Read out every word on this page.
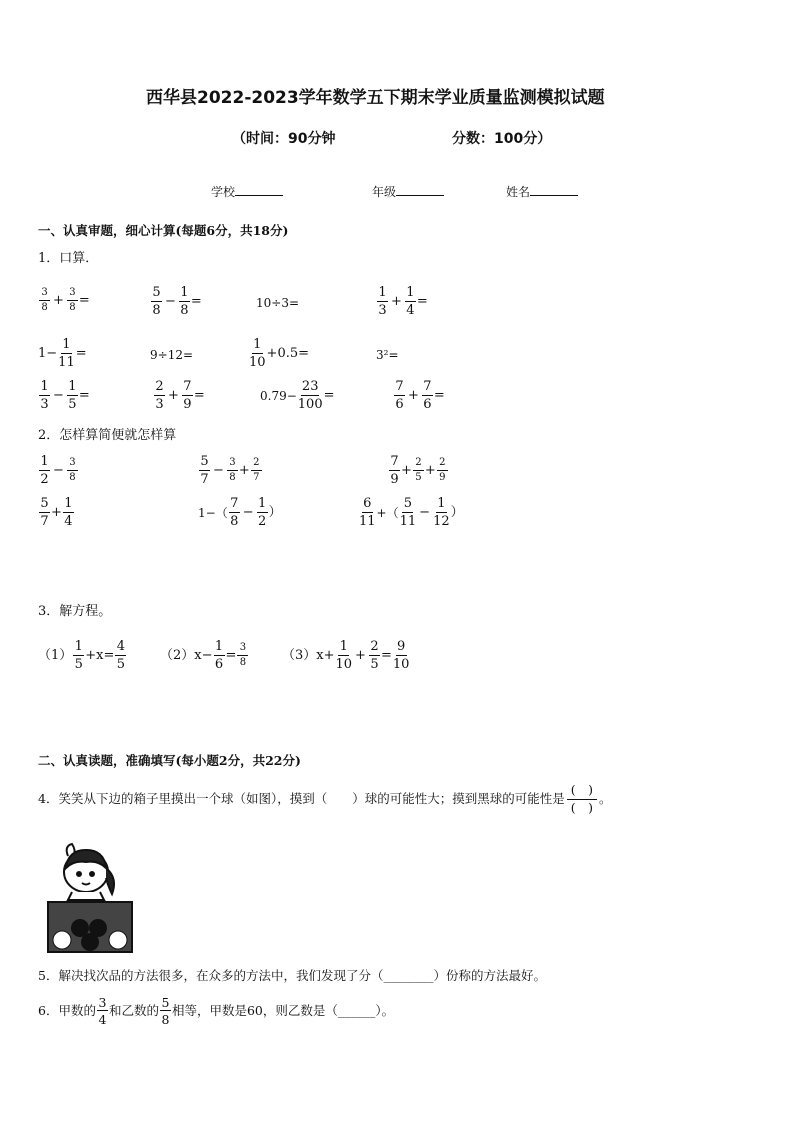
西华县2022-2023学年数学五下期末学业质量监测模拟试题
（时间：90分钟	分数：100分）
学校	年级	姓名
一、认真审题，细心计算(每题6分，共18分)
1．口算．
$\frac{3}{8} + \frac{3}{8}$ =	$\frac{5}{8} - \frac{1}{8}$ =	10÷3=	$\frac{1}{3} + \frac{1}{4}$ =
$1- \frac{1}{11}$ =	9÷12=	$\frac{1}{10} +0.5=$	3²=
$\frac{1}{3} - \frac{1}{5}$ =	$\frac{2}{3} + \frac{7}{9}$ =	$0.79- \frac{23}{100}$ =	$\frac{7}{6} + \frac{7}{6}$ =
2．怎样算简便就怎样算
$\frac{1}{2} - \frac{3}{8}$	$\frac{5}{7} - \frac{3}{8} + \frac{2}{7}$	$\frac{7}{9} + \frac{2}{5} + \frac{2}{9}$
$\frac{5}{7} + \frac{1}{4}$	$1-( \frac{7}{8} - \frac{1}{2}$ ）	$\frac{6}{11}$ +（ $\frac{5}{11} - \frac{1}{12}$ ）
3．解方程。
$(1) \frac{1}{5} +x= \frac{4}{5}$	$(2)x- \frac{1}{6} = \frac{3}{8}$	$(3)x+ \frac{1}{10} + \frac{2}{5} = \frac{9}{10}$
二、认真读题，准确填写(每小题2分，共22分)
4．笑笑从下边的箱子里摸出一个球（如图），摸到（　　）球的可能性大；摸到黑球的可能性是 $\frac{( )}{( )}$ 。
5．解决找次品的方法很多，在众多的方法中，我们发现了分（________）份称的方法最好。
6．甲数的 $\frac{3}{4}$ 和乙数的 $\frac{5}{8}$ 相等，甲数是60，则乙数是（______）。
